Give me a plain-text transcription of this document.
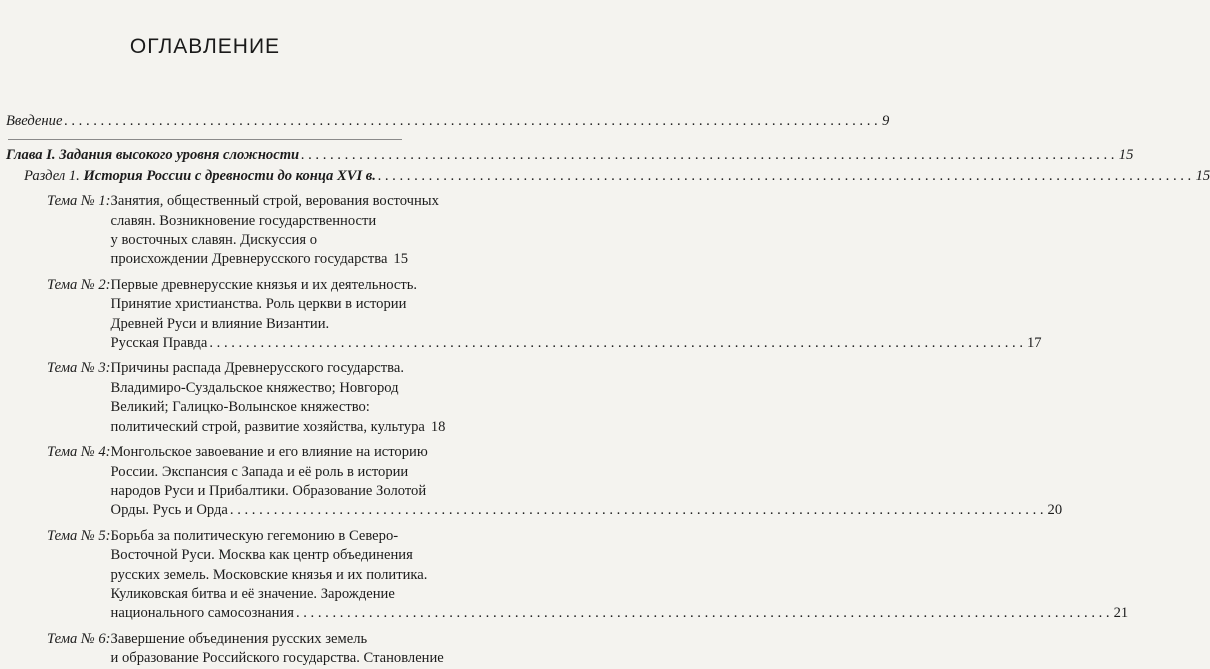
ОГЛАВЛЕНИЕ
Введение . . .	9
Глава I.
Задания высокого уровня сложности . . .	15
Раздел 1.
История России с древности до конца XVI в. . . .	15
Тема № 1: Занятия, общественный строй, верования восточных
славян. Возникновение государственности
у восточных славян. Дискуссия о
происхождении Древнерусского государства 15
Тема № 2: Первые древнерусские князья и их деятельность.
Принятие христианства. Роль церкви в истории
Древней Руси и влияние Византии.
Русская Правда . . .	17
Тема № 3: Причины распада Древнерусского государства.
Владимиро-Суздальское княжество; Новгород
Великий; Галицко-Волынское княжество:
политический строй, развитие хозяйства, культура 18
Тема № 4: Монгольское завоевание и его влияние на историю
России. Экспансия с Запада и её роль в истории
народов Руси и Прибалтики. Образование Золотой
Орды. Русь и Орда . . .	20
Тема № 5: Борьба за политическую гегемонию в Северо-
Восточной Руси. Москва как центр объединения
русских земель. Московские князья и их политика.
Куликовская битва и её значение. Зарождение
национального самосознания . . .	21
Тема № 6: Завершение объединения русских земель
и образование Российского государства. Становление
